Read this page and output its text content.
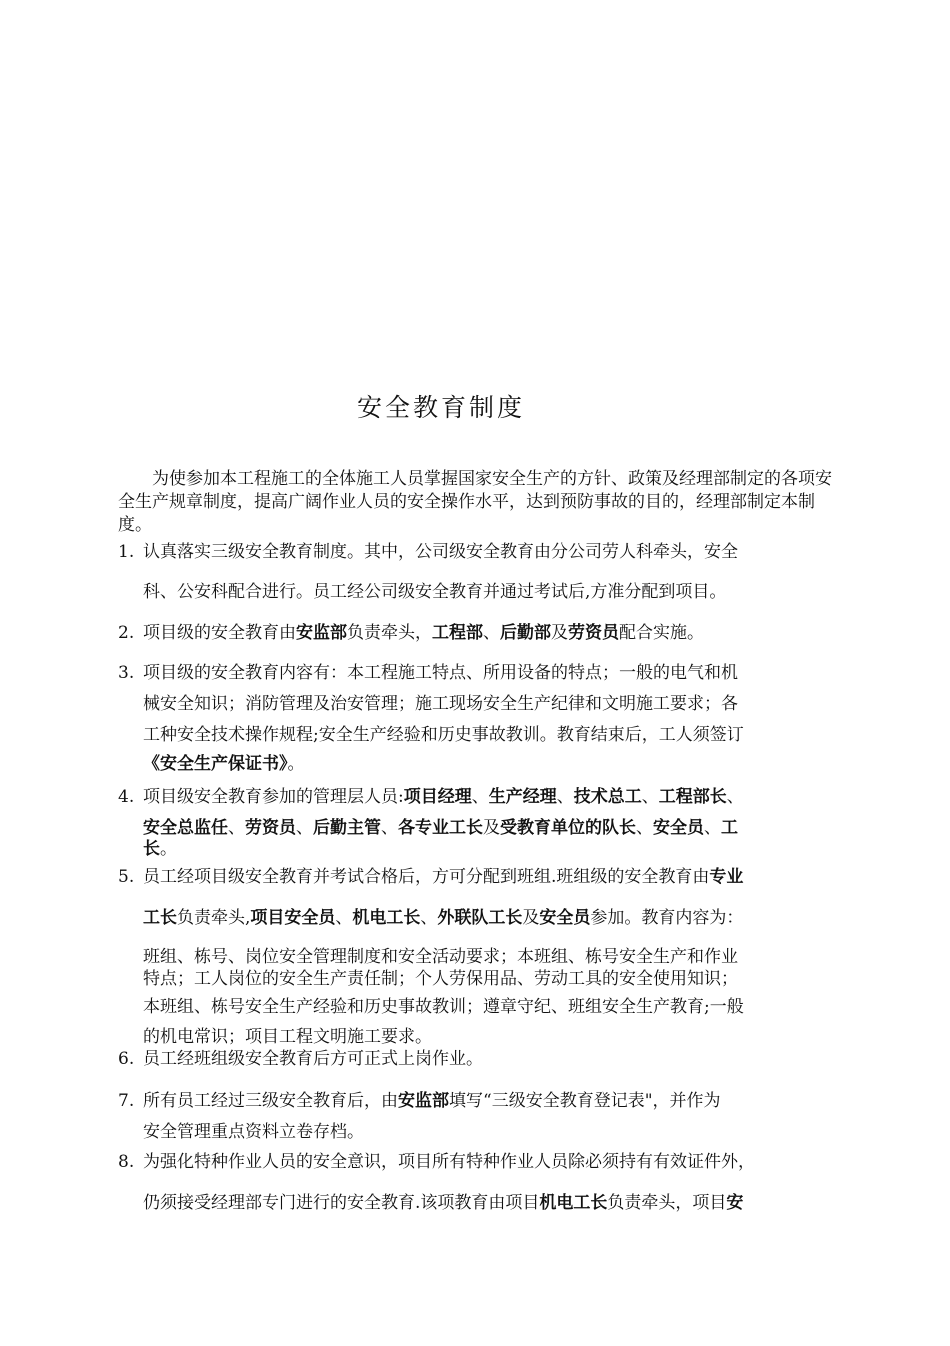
安全教育制度
为使参加本工程施工的全体施工人员掌握国家安全生产的方针、政策及经理部制定的各项安全生产规章制度，提高广阔作业人员的安全操作水平，达到预防事故的目的，经理部制定本制度。
1. 认真落实三级安全教育制度。其中，公司级安全教育由分公司劳人科牵头，安全
科、公安科配合进行。员工经公司级安全教育并通过考试后,方准分配到项目。
2. 项目级的安全教育由安监部负责牵头，工程部、后勤部及劳资员配合实施。
3. 项目级的安全教育内容有：本工程施工特点、所用设备的特点；一般的电气和机
械安全知识；消防管理及治安管理；施工现场安全生产纪律和文明施工要求；各
工种安全技术操作规程;安全生产经验和历史事故教训。教育结束后，工人须签订
《安全生产保证书》。
4. 项目级安全教育参加的管理层人员:项目经理、生产经理、技术总工、工程部长、
安全总监任、劳资员、后勤主管、各专业工长及受教育单位的队长、安全员、工
长。
5. 员工经项目级安全教育并考试合格后，方可分配到班组.班组级的安全教育由专业
工长负责牵头,项目安全员、机电工长、外联队工长及安全员参加。教育内容为：
班组、栋号、岗位安全管理制度和安全活动要求；本班组、栋号安全生产和作业
特点；工人岗位的安全生产责任制；个人劳保用品、劳动工具的安全使用知识；
本班组、栋号安全生产经验和历史事故教训；遵章守纪、班组安全生产教育;一般
的机电常识；项目工程文明施工要求。
6. 员工经班组级安全教育后方可正式上岗作业。
7. 所有员工经过三级安全教育后，由安监部填写“三级安全教育登记表"，并作为
安全管理重点资料立卷存档。
8. 为强化特种作业人员的安全意识，项目所有特种作业人员除必须持有有效证件外，
仍须接受经理部专门进行的安全教育.该项教育由项目机电工长负责牵头，项目安
